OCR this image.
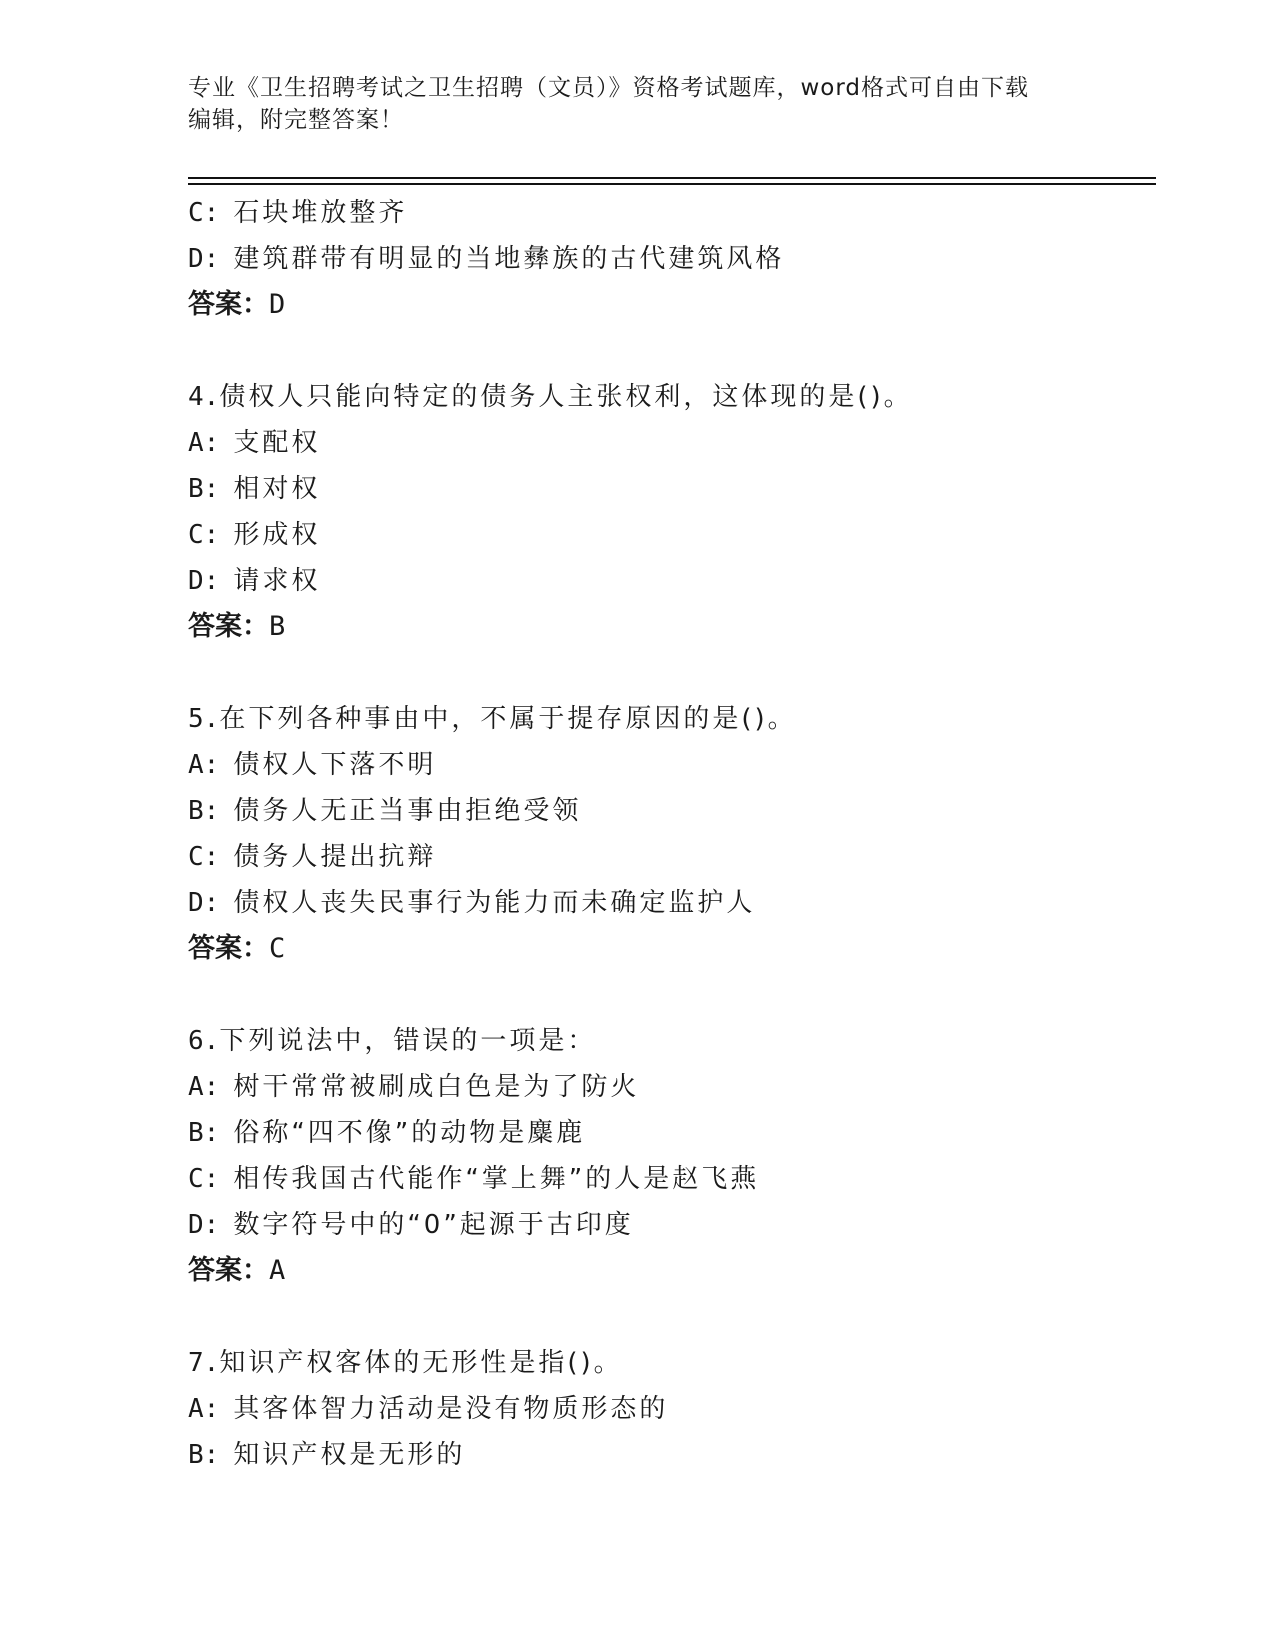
专业《卫生招聘考试之卫生招聘（文员）》资格考试题库，word格式可自由下载
编辑，附完整答案！
C: 石块堆放整齐
D: 建筑群带有明显的当地彝族的古代建筑风格
答案：D
4.债权人只能向特定的债务人主张权利，这体现的是()。
A: 支配权
B: 相对权
C: 形成权
D: 请求权
答案：B
5.在下列各种事由中，不属于提存原因的是()。
A: 债权人下落不明
B: 债务人无正当事由拒绝受领
C: 债务人提出抗辩
D: 债权人丧失民事行为能力而未确定监护人
答案：C
6.下列说法中，错误的一项是：
A: 树干常常被刷成白色是为了防火
B: 俗称“四不像”的动物是麋鹿
C: 相传我国古代能作“掌上舞”的人是赵飞燕
D: 数字符号中的“0”起源于古印度
答案：A
7.知识产权客体的无形性是指()。
A: 其客体智力活动是没有物质形态的
B: 知识产权是无形的
